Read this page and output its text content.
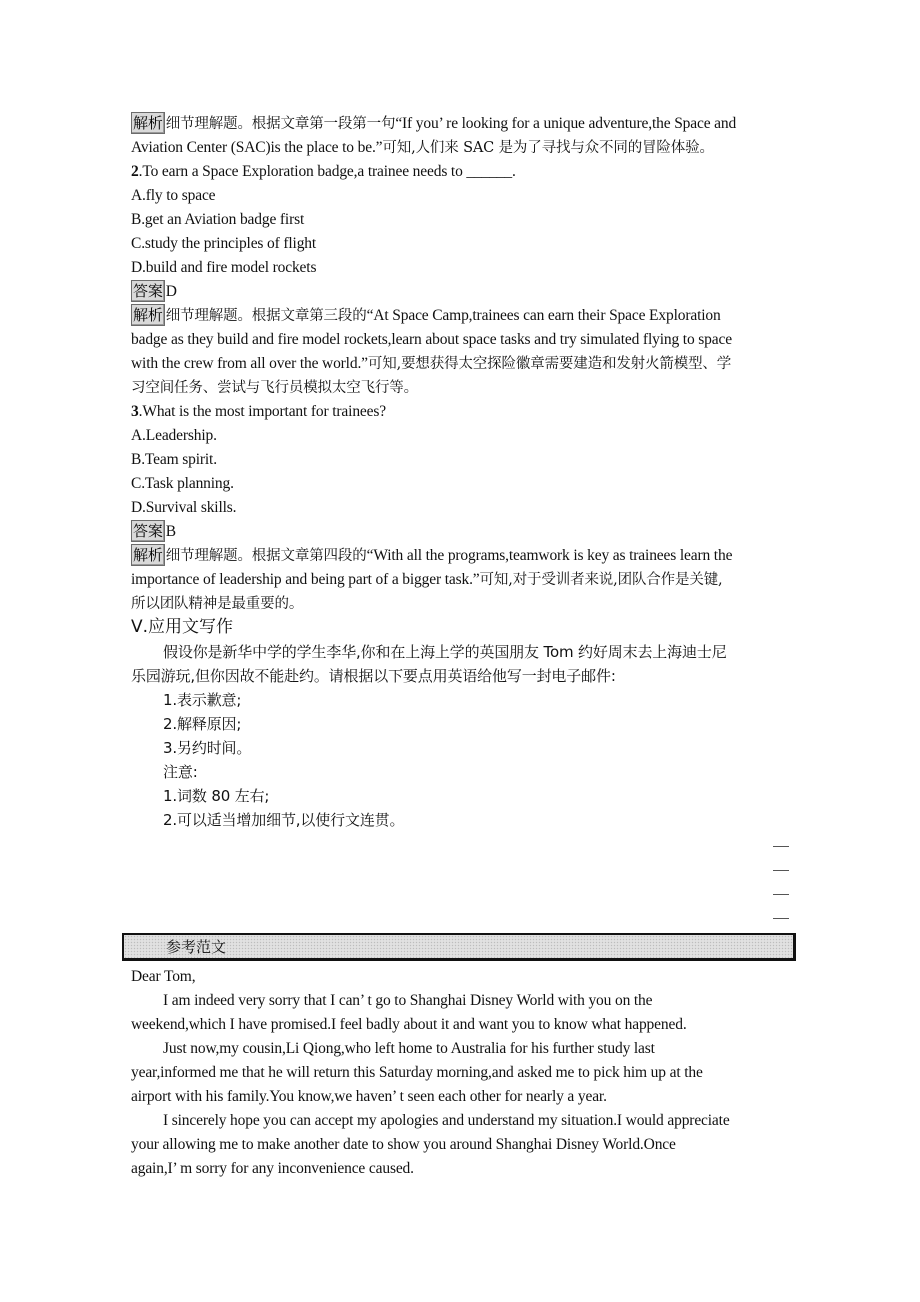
解析 细节理解题。根据文章第一段第一句“If you’ re looking for a unique adventure,the Space and
Aviation Center (SAC)is the place to be.”可知,人们来 SAC 是为了寻找与众不同的冒险体验。
2.To earn a Space Exploration badge,a trainee needs to ______.
A.fly to space
B.get an Aviation badge first
C.study the principles of flight
D.build and fire model rockets
答案 D
解析 细节理解题。根据文章第三段的“At Space Camp,trainees can earn their Space Exploration
badge as they build and fire model rockets,learn about space tasks and try simulated flying to space
with the crew from all over the world.”可知,要想获得太空探险徽章需要建造和发射火箭模型、学
习空间任务、尝试与飞行员模拟太空飞行等。
3.What is the most important for trainees?
A.Leadership.
B.Team spirit.
C.Task planning.
D.Survival skills.
答案 B
解析 细节理解题。根据文章第四段的“With all the programs,teamwork is key as trainees learn the
importance of leadership and being part of a bigger task.”可知,对于受训者来说,团队合作是关键,
所以团队精神是最重要的。
Ⅴ.应用文写作
假设你是新华中学的学生李华,你和在上海上学的英国朋友 Tom 约好周末去上海迪士尼
乐园游玩,但你因故不能赴约。请根据以下要点用英语给他写一封电子邮件:
1.表示歉意;
2.解释原因;
3.另约时间。
注意:
1.词数 80 左右;
2.可以适当增加细节,以使行文连贯。
参考范文
Dear Tom,
I am indeed very sorry that I can’ t go to Shanghai Disney World with you on the
weekend,which I have promised.I feel badly about it and want you to know what happened.
Just now,my cousin,Li Qiong,who left home to Australia for his further study last
year,informed me that he will return this Saturday morning,and asked me to pick him up at the
airport with his family.You know,we haven’ t seen each other for nearly a year.
I sincerely hope you can accept my apologies and understand my situation.I would appreciate
your allowing me to make another date to show you around Shanghai Disney World.Once
again,I’ m sorry for any inconvenience caused.
